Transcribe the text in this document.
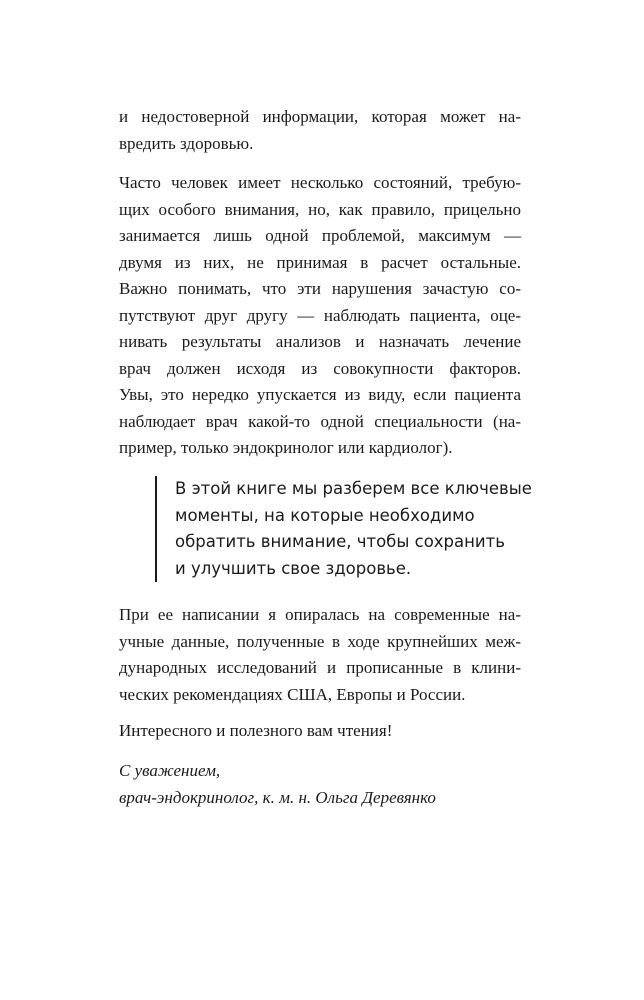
и недостоверной информации, которая может на-
вредить здоровью.
Часто человек имеет несколько состояний, требую-
щих особого внимания, но, как правило, прицельно
занимается лишь одной проблемой, максимум —
двумя из них, не принимая в расчет остальные.
Важно понимать, что эти нарушения зачастую со-
путствуют друг другу — наблюдать пациента, оце-
нивать результаты анализов и назначать лечение
врач должен исходя из совокупности факторов.
Увы, это нередко упускается из виду, если пациента
наблюдает врач какой-то одной специальности (на-
пример, только эндокринолог или кардиолог).
В этой книге мы разберем все ключевые
моменты, на которые необходимо
обратить внимание, чтобы сохранить
и улучшить свое здоровье.
При ее написании я опиралась на современные на-
учные данные, полученные в ходе крупнейших меж-
дународных исследований и прописанные в клини-
ческих рекомендациях США, Европы и России.
Интересного и полезного вам чтения!
С уважением,
врач-эндокринолог, к. м. н. Ольга Деревянко
